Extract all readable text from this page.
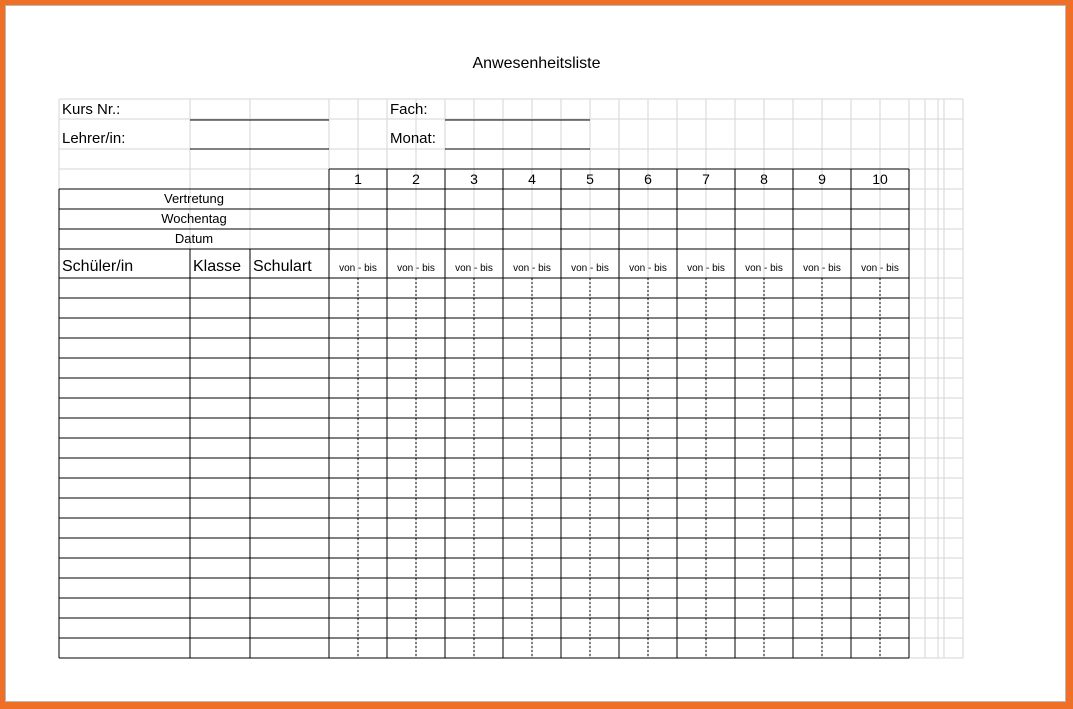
Anwesenheitsliste
Kurs Nr.:
Lehrer/in:
Fach:
Monat:
Vertretung
Wochentag
Datum
Schüler/in	Klasse Schulart
1
von - bis
2
von - bis
3
von - bis
4
von - bis
5
von - bis
6
von - bis
7
von - bis
8
von - bis
9
von - bis
10
von - bis
